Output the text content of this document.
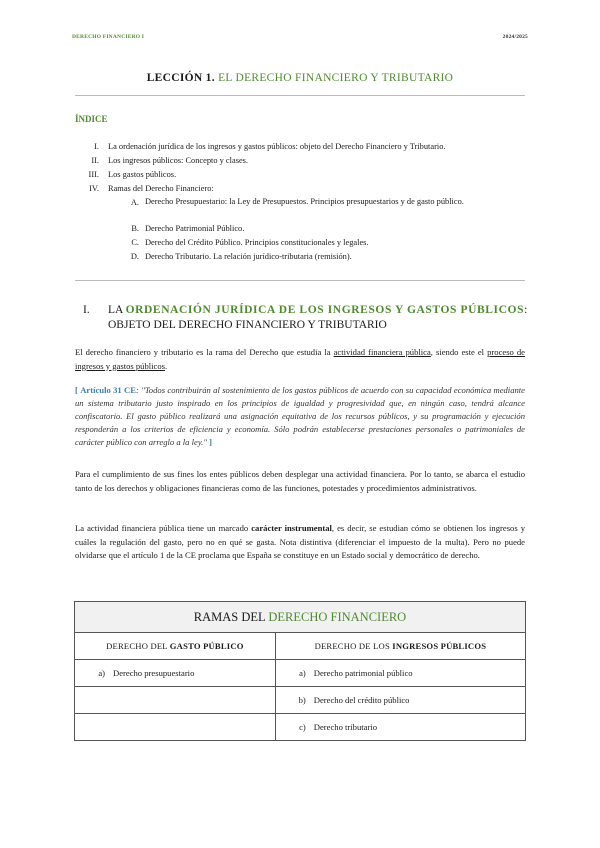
DERECHO FINANCIERO I	2024/2025
LECCIÓN 1. EL DERECHO FINANCIERO Y TRIBUTARIO
ÍNDICE
I. La ordenación jurídica de los ingresos y gastos públicos: objeto del Derecho Financiero y Tributario.
II. Los ingresos públicos: Concepto y clases.
III. Los gastos públicos.
IV. Ramas del Derecho Financiero:
A. Derecho Presupuestario: la Ley de Presupuestos. Principios presupuestarios y de gasto público.
B. Derecho Patrimonial Público.
C. Derecho del Crédito Público. Principios constitucionales y legales.
D. Derecho Tributario. La relación jurídico-tributaria (remisión).
I. LA ORDENACIÓN JURÍDICA DE LOS INGRESOS Y GASTOS PÚBLICOS: OBJETO DEL DERECHO FINANCIERO Y TRIBUTARIO
El derecho financiero y tributario es la rama del Derecho que estudia la actividad financiera pública, siendo este el proceso de ingresos y gastos públicos.
[ Artículo 31 CE: "Todos contribuirán al sostenimiento de los gastos públicos de acuerdo con su capacidad económica mediante un sistema tributario justo inspirado en los principios de igualdad y progresividad que, en ningún caso, tendrá alcance confiscatorio. El gasto público realizará una asignación equitativa de los recursos públicos, y su programación y ejecución responderán a los criterios de eficiencia y economía. Sólo podrán establecerse prestaciones personales o patrimoniales de carácter público con arreglo a la ley." ]
Para el cumplimiento de sus fines los entes públicos deben desplegar una actividad financiera. Por lo tanto, se abarca el estudio tanto de los derechos y obligaciones financieras como de las funciones, potestades y procedimientos administrativos.
La actividad financiera pública tiene un marcado carácter instrumental, es decir, se estudian cómo se obtienen los ingresos y cuáles la regulación del gasto, pero no en qué se gasta. Nota distintiva (diferenciar el impuesto de la multa). Pero no puede olvidarse que el artículo 1 de la CE proclama que España se constituye en un Estado social y democrático de derecho.
RAMAS DEL DERECHO FINANCIERO	
DERECHO DEL GASTO PÚBLICO	DERECHO DE LOS INGRESOS PÚBLICOS
a) Derecho presupuestario	a) Derecho patrimonial público
	b) Derecho del crédito público
	c) Derecho tributario
